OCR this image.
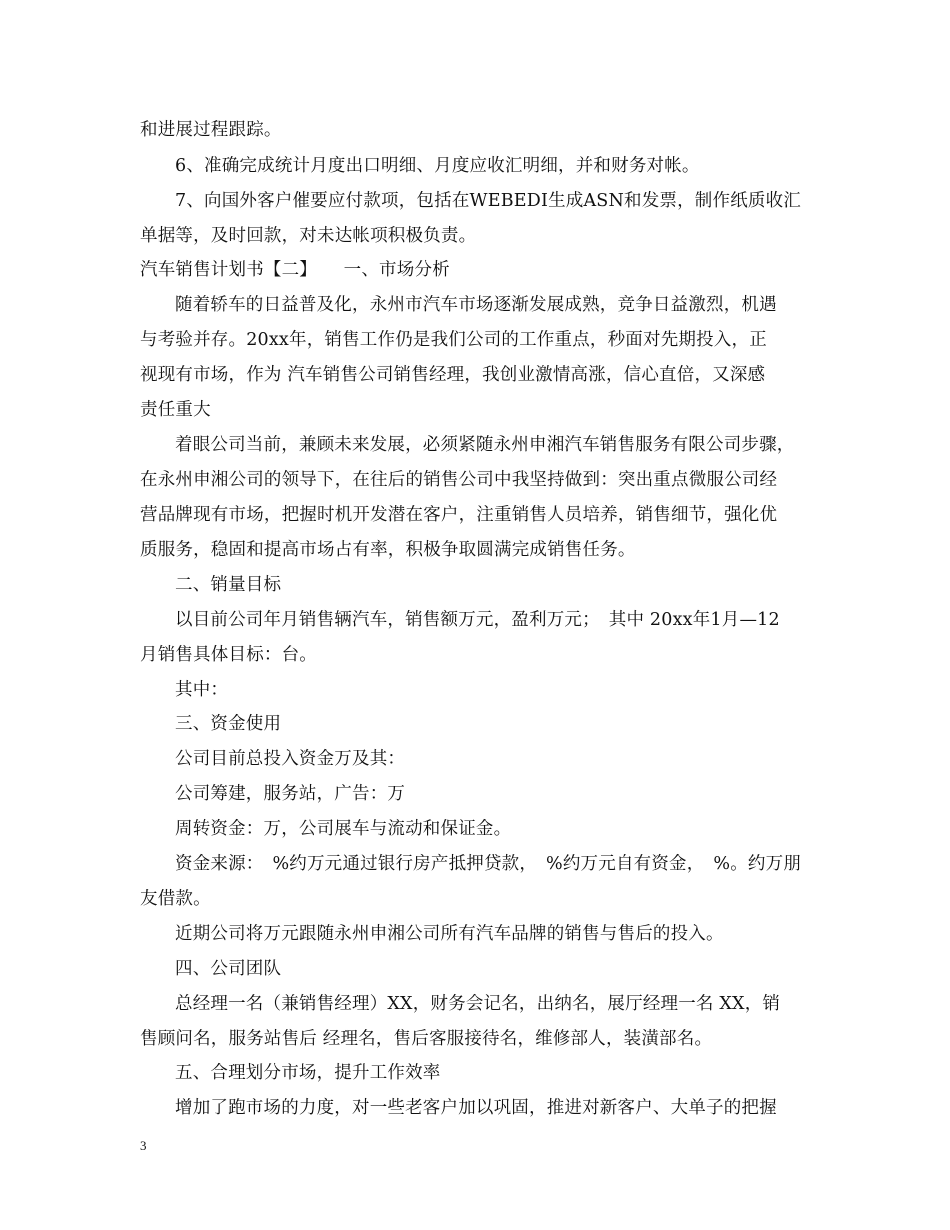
和进展过程跟踪。
6、准确完成统计月度出口明细、月度应收汇明细，并和财务对帐。
7、向国外客户催要应付款项，包括在WEBEDI生成ASN和发票，制作纸质收汇
单据等，及时回款，对未达帐项积极负责。
汽车销售计划书【二】　　一、市场分析
随着轿车的日益普及化，永州市汽车市场逐渐发展成熟，竞争日益激烈，机遇
与考验并存。20xx年，销售工作仍是我们公司的工作重点，秒面对先期投入，正
视现有市场，作为 汽车销售公司销售经理，我创业激情高涨，信心直倍，又深感
责任重大
着眼公司当前，兼顾未来发展，必须紧随永州申湘汽车销售服务有限公司步骤，
在永州申湘公司的领导下，在往后的销售公司中我坚持做到：突出重点微服公司经
营品牌现有市场，把握时机开发潜在客户，注重销售人员培养，销售细节，强化优
质服务，稳固和提高市场占有率，积极争取圆满完成销售任务。
二、销量目标
以目前公司年月销售辆汽车，销售额万元，盈利万元；　其中 20xx年1月—12
月销售具体目标：台。
其中：
三、资金使用
公司目前总投入资金万及其：
公司筹建，服务站，广告：万
周转资金：万，公司展车与流动和保证金。
资金来源：　%约万元通过银行房产抵押贷款，　%约万元自有资金，　%。约万朋
友借款。
近期公司将万元跟随永州申湘公司所有汽车品牌的销售与售后的投入。
四、公司团队
总经理一名（兼销售经理）XX，财务会记名，出纳名，展厅经理一名 XX，销
售顾问名，服务站售后 经理名，售后客服接待名，维修部人，装潢部名。
五、合理划分市场，提升工作效率
增加了跑市场的力度，对一些老客户加以巩固，推进对新客户、大单子的把握
3
